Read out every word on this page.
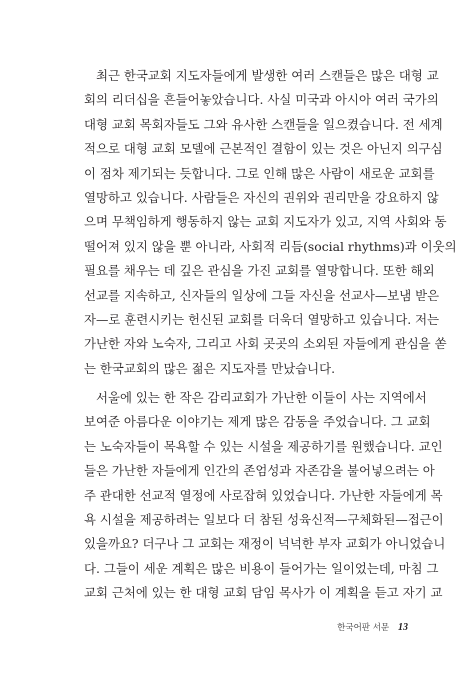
최근 한국교회 지도자들에게 발생한 여러 스캔들은 많은 대형 교
회의 리더십을 흔들어놓았습니다. 사실 미국과 아시아 여러 국가의
대형 교회 목회자들도 그와 유사한 스캔들을 일으켰습니다. 전 세계
적으로 대형 교회 모델에 근본적인 결함이 있는 것은 아닌지 의구심
이 점차 제기되는 듯합니다. 그로 인해 많은 사람이 새로운 교회를
열망하고 있습니다. 사람들은 자신의 권위와 권리만을 강요하지 않
으며 무책임하게 행동하지 않는 교회 지도자가 있고, 지역 사회와 동
떨어져 있지 않을 뿐 아니라, 사회적 리듬(social rhythms)과 이웃의
필요를 채우는 데 깊은 관심을 가진 교회를 열망합니다. 또한 해외
선교를 지속하고, 신자들의 일상에 그들 자신을 선교사—보냄 받은
자—로 훈련시키는 헌신된 교회를 더욱더 열망하고 있습니다. 저는
가난한 자와 노숙자, 그리고 사회 곳곳의 소외된 자들에게 관심을 쏟
는 한국교회의 많은 젊은 지도자를 만났습니다.
서울에 있는 한 작은 감리교회가 가난한 이들이 사는 지역에서
보여준 아름다운 이야기는 제게 많은 감동을 주었습니다. 그 교회
는 노숙자들이 목욕할 수 있는 시설을 제공하기를 원했습니다. 교인
들은 가난한 자들에게 인간의 존엄성과 자존감을 불어넣으려는 아
주 관대한 선교적 열정에 사로잡혀 있었습니다. 가난한 자들에게 목
욕 시설을 제공하려는 일보다 더 참된 성육신적—구체화된—접근이
있을까요? 더구나 그 교회는 재정이 넉넉한 부자 교회가 아니었습니
다. 그들이 세운 계획은 많은 비용이 들어가는 일이었는데, 마침 그
교회 근처에 있는 한 대형 교회 담임 목사가 이 계획을 듣고 자기 교
한국어판 서문 13
